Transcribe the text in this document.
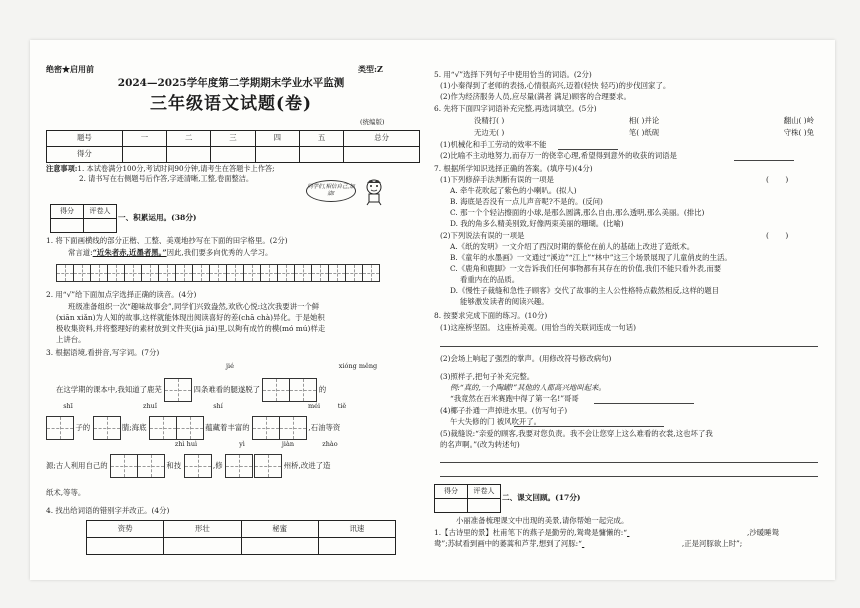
绝密★启用前	类型:Z
2024—2025学年度第二学期期末学业水平监测
三年级语文试题(卷)
(统编版)
题号	一	二	三	四	五	总分
得分						
注意事项:1. 本试卷满分100分,考试时间90分钟,请考生在答题卡上作答;
2. 请书写在右侧题号后作答,字迹清晰,工整,卷面整洁。
同学们,相信自己,加油!
得分	评卷人

一、积累运用。(38分)
1. 将下面画横线的部分正楷、工整、美观地抄写在下面的田字格里。(2分)
常言道:“近朱者赤,近墨者黑。”因此,我们要多向优秀的人学习。
2. 用“√”给下面加点字选择正确的读音。(4分)
班级准备组织一次“趣味故事会”,同学们兴致盎然,欢欣心悦:这次我要讲一个鲜
(xiān xiǎn)为人知的故事,这样就能体现出阅读喜好的差(chā chà)异化。于是她积
极收集资料,并将整理好的素材放到文件夹(jiā jiá)里,以夠有成竹的模(mó mú)样走
上讲台。
3. 根据语境,看拼音,写字词。(7分)
jié	xióng měng
在这学期的课本中,我知道了鹿芜	四条难看的腿遂脱了	的
shī	zhuǐ	shí	méi	tiě
子的	腈;海底	蕴藏着丰富的	,石油等资
zhì huì	yì	jiàn	zhào
源;古人利用自己的	和技	,修	州桥,改进了造
纸术,等等。
4. 找出给词语的错别字并改正。(4分)
资势	形壮	秘蜜	讯速

5. 用“√”选择下列句子中使用恰当的词语。(2分)
(1)小秦得到了老师的表扬,心情很高兴,迈着(轻快 轻巧)的步伐回家了。
(2)作为经济服务人员,应尽量(满者 满足)顾客的合理要求。
6. 先将下面四字词语补充完整,再选词填空。(5分)
没精打( )	相( )并论	翻山( )岭
无边无( )	笔( )纸砚	守株( )兔
(1)机械化和手工劳动的效率不能
(2)比喻不主动地努力,而存万一的侥幸心理,希望得到意外的收获的词语是
7. 根据所学知识选择正确的答案。(填序号)(4分)
(1)下列修辞手法判断有误的一项是	(       )
A. 牵牛花吹起了紫色的小喇叭。(拟人)
B. 海底是否没有一点儿声音呢?不是的。(反问)
C. 那一个个轻沾擦面的小球,是那么圆满,那么自由,那么透明,那么美丽。(排比)
D. 我的角多么精美别致,好像两束美丽的珊瑚。(比喻)
(2)下列说法有误的一项是	(       )
A.《纸的发明》一文介绍了西汉时期的蔡伦在前人的基础上改进了造纸术。
B.《童年的水墨画》一文通过“溪边”“江上”“林中”这三个场景展现了儿童俏皮的生活。
C.《鹿角和鹿脚》一文告诉我们任何事物都有其存在的价值,我们不能只看外表,而要
看重内在的品质。
D.《慢性子裁缝和急性子顾客》交代了故事的主人公性格特点截然相反,这样的题目
能够激发读者的阅读兴趣。
8. 按要求完成下面的练习。(10分)
(1)这座桥坚固。 这座桥美观。(用恰当的关联词连成一句话)
(2)会场上响起了强烈的掌声。(用修改符号修改病句)
(3)照样子,把句子补充完整。
例:“真的,一个陶罐!”其他的人都高兴地叫起来。
“我竟然在百米赛跑中得了第一名!”哥哥
(4)椰子扑通一声掉进水里。(仿写句子)
午大失修的门 被风吹开了。
(5)裁缝说:“亲爱的顾客,我要对您负责。我不会让您穿上这么难看的衣裳,这也坏了我
的名声啊。”(改为转述句)
得分	评卷人

二、课文回顾。(17分)
小丽准备梳理课文中出现的美景,请你帮她一起完成。
1.【古诗里的景】杜甫笔下的燕子是勤劳的,鸳鸯是慵懒的:“	,沙暖睡鸳
鸯”;苏轼看到画中的萎蒿和芦芽,想到了河豚:“	,正是河豚欲上时”;
